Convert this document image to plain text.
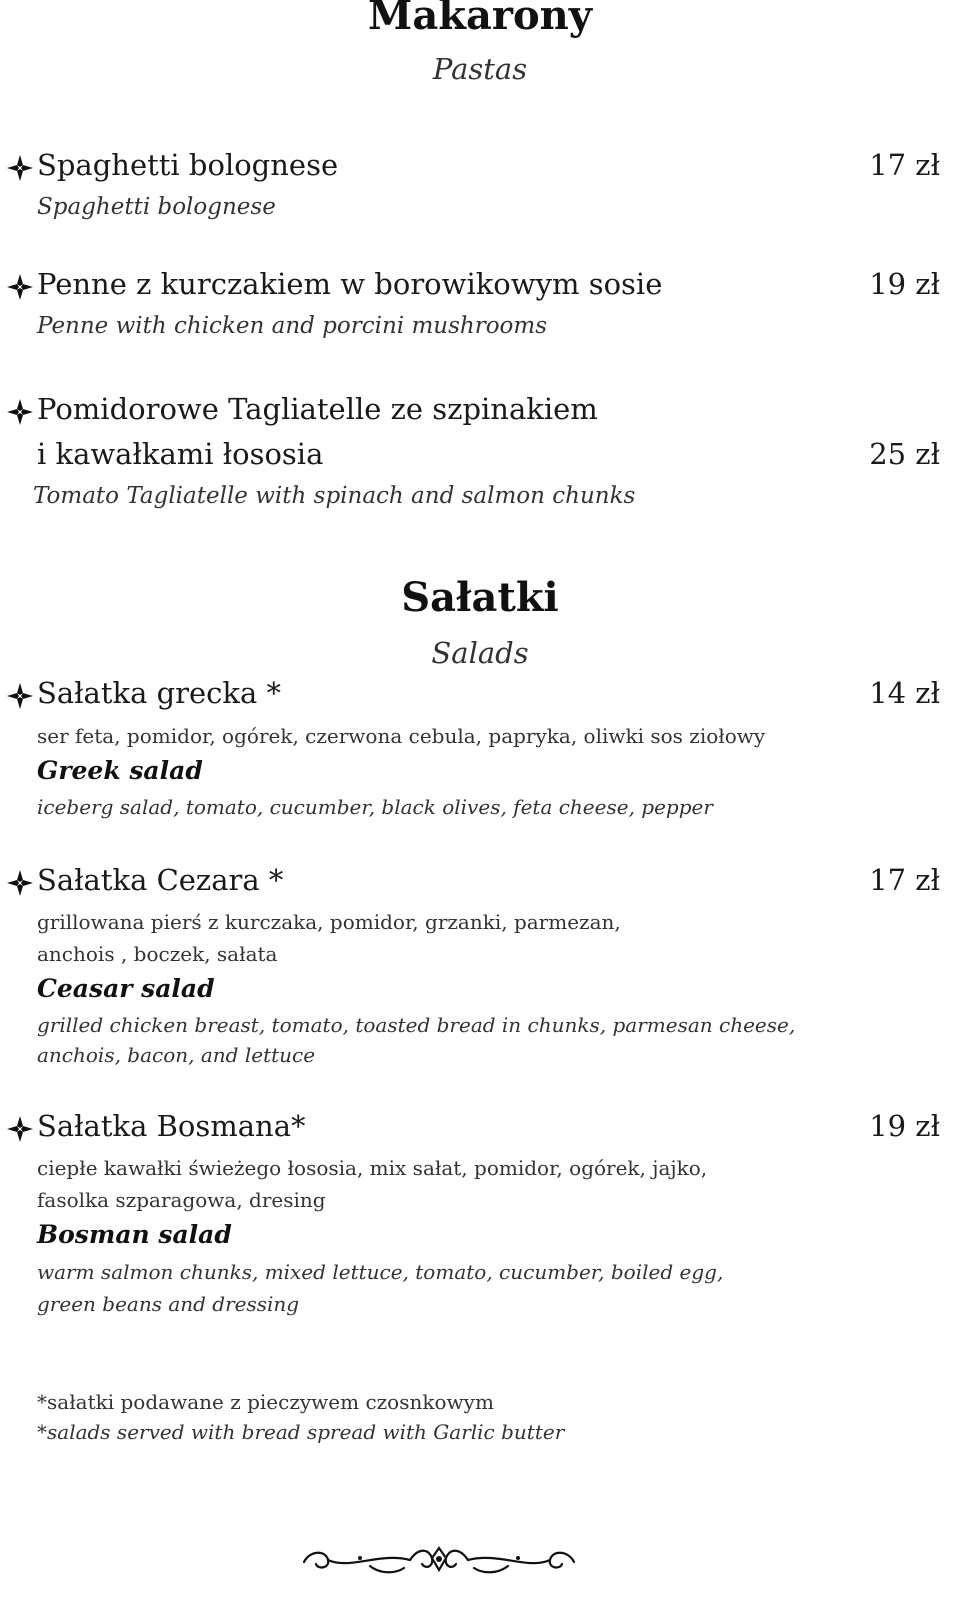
Makarony
Pastas
Spaghetti bolognese	17 zł
Spaghetti bolognese
Penne z kurczakiem w borowikowym sosie	19 zł
Penne with chicken and porcini mushrooms
Pomidorowe Tagliatelle ze szpinakiem
i kawałkami łososia	25 zł
Tomato Tagliatelle with spinach and salmon chunks
Sałatki
Salads
Sałatka grecka *	14 zł
ser feta, pomidor, ogórek, czerwona cebula, papryka, oliwki sos ziołowy
Greek salad
iceberg salad, tomato, cucumber, black olives, feta cheese, pepper
Sałatka Cezara *	17 zł
grillowana pierś z kurczaka, pomidor, grzanki, parmezan,
anchois , boczek, sałata
Ceasar salad
grilled chicken breast, tomato, toasted bread in chunks, parmesan cheese,
anchois, bacon, and lettuce
Sałatka Bosmana*	19 zł
ciepłe kawałki świeżego łososia, mix sałat, pomidor, ogórek, jajko,
fasolka szparagowa, dresing
Bosman salad
warm salmon chunks, mixed lettuce, tomato, cucumber, boiled egg,
green beans and dressing
*sałatki podawane z pieczywem czosnkowym
*salads served with bread spread with Garlic butter
